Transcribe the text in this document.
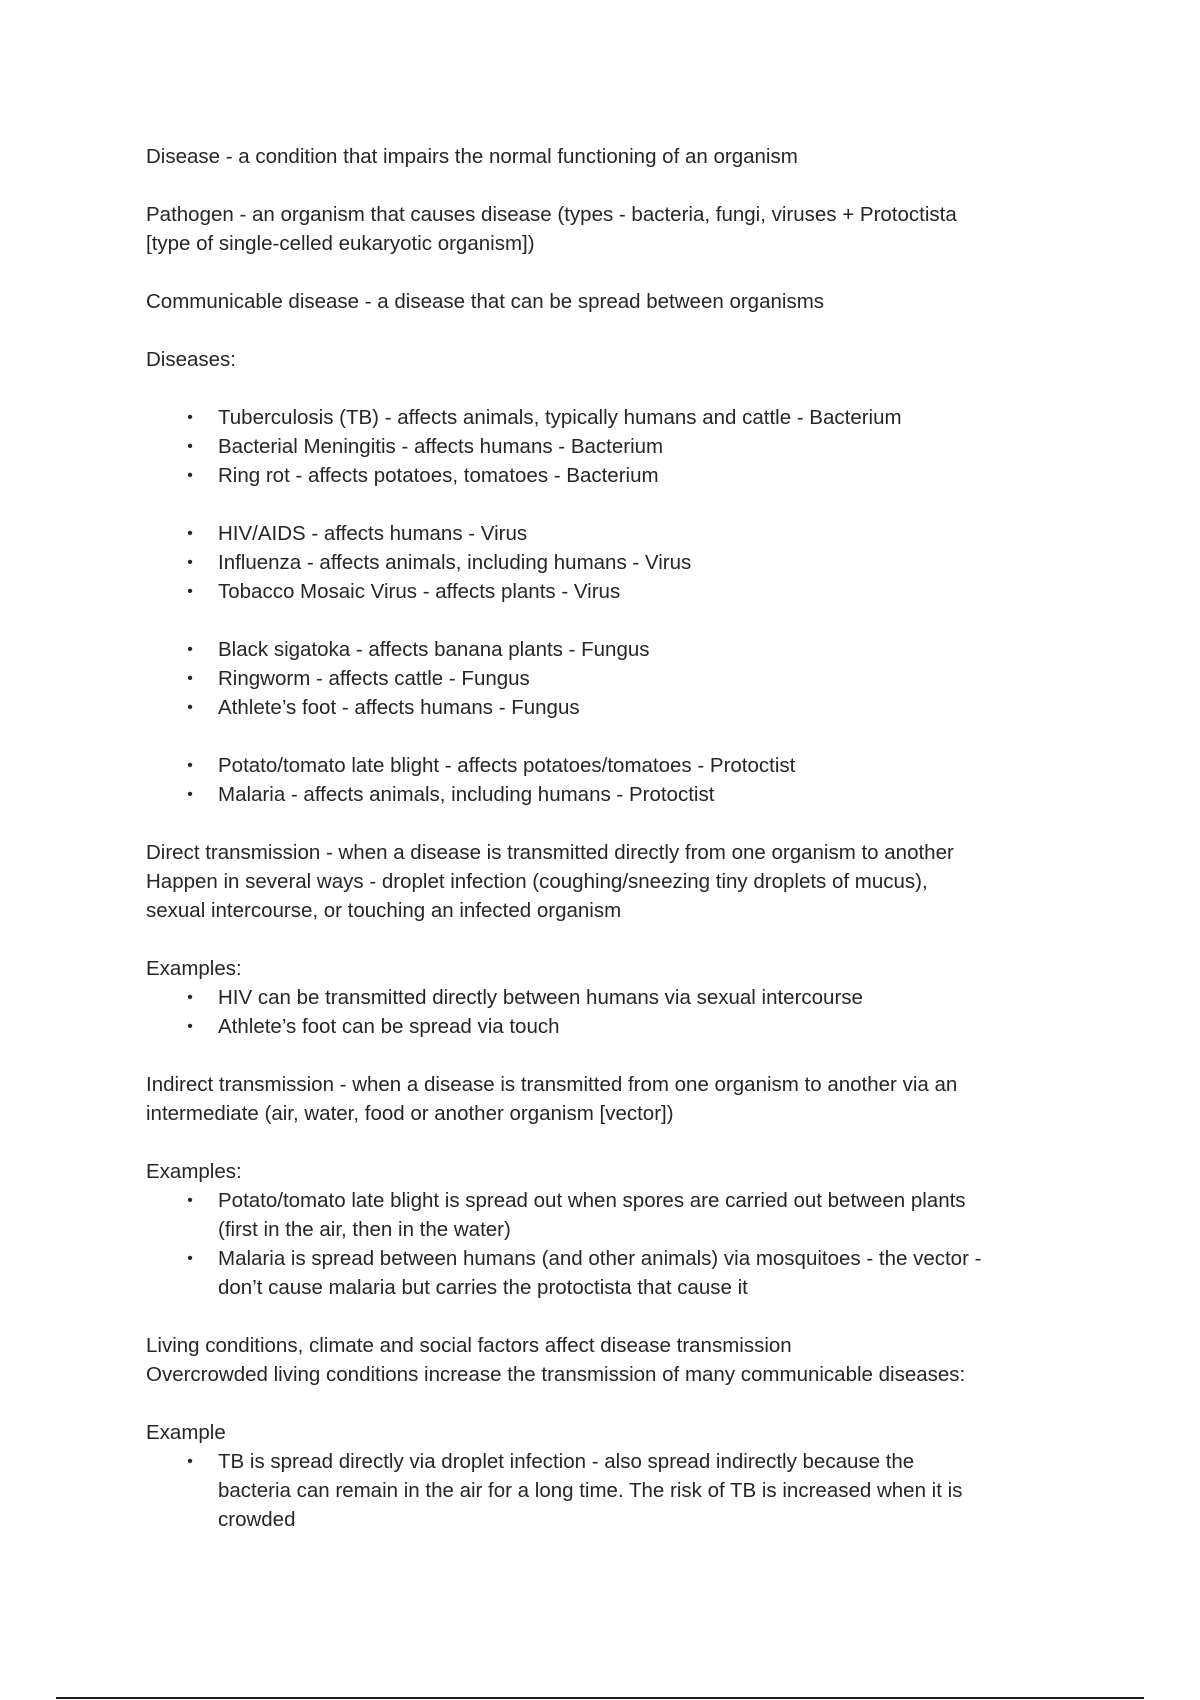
Disease - a condition that impairs the normal functioning of an organism

Pathogen - an organism that causes disease (types - bacteria, fungi, viruses + Protoctista
[type of single-celled eukaryotic organism])

Communicable disease - a disease that can be spread between organisms

Diseases:

• Tuberculosis (TB) - affects animals, typically humans and cattle - Bacterium
• Bacterial Meningitis - affects humans - Bacterium
• Ring rot - affects potatoes, tomatoes - Bacterium
• HIV/AIDS - affects humans - Virus
• Influenza - affects animals, including humans - Virus
• Tobacco Mosaic Virus - affects plants - Virus
• Black sigatoka - affects banana plants - Fungus
• Ringworm - affects cattle - Fungus
• Athlete’s foot - affects humans - Fungus
• Potato/tomato late blight - affects potatoes/tomatoes - Protoctist
• Malaria - affects animals, including humans - Protoctist

Direct transmission - when a disease is transmitted directly from one organism to another
Happen in several ways - droplet infection (coughing/sneezing tiny droplets of mucus),
sexual intercourse, or touching an infected organism

Examples:

• HIV can be transmitted directly between humans via sexual intercourse
• Athlete’s foot can be spread via touch

Indirect transmission - when a disease is transmitted from one organism to another via an
intermediate (air, water, food or another organism [vector])

Examples:

• Potato/tomato late blight is spread out when spores are carried out between plants
(first in the air, then in the water)
• Malaria is spread between humans (and other animals) via mosquitoes - the vector -
don’t cause malaria but carries the protoctista that cause it

Living conditions, climate and social factors affect disease transmission
Overcrowded living conditions increase the transmission of many communicable diseases:

Example

• TB is spread directly via droplet infection - also spread indirectly because the
bacteria can remain in the air for a long time. The risk of TB is increased when it is
crowded
